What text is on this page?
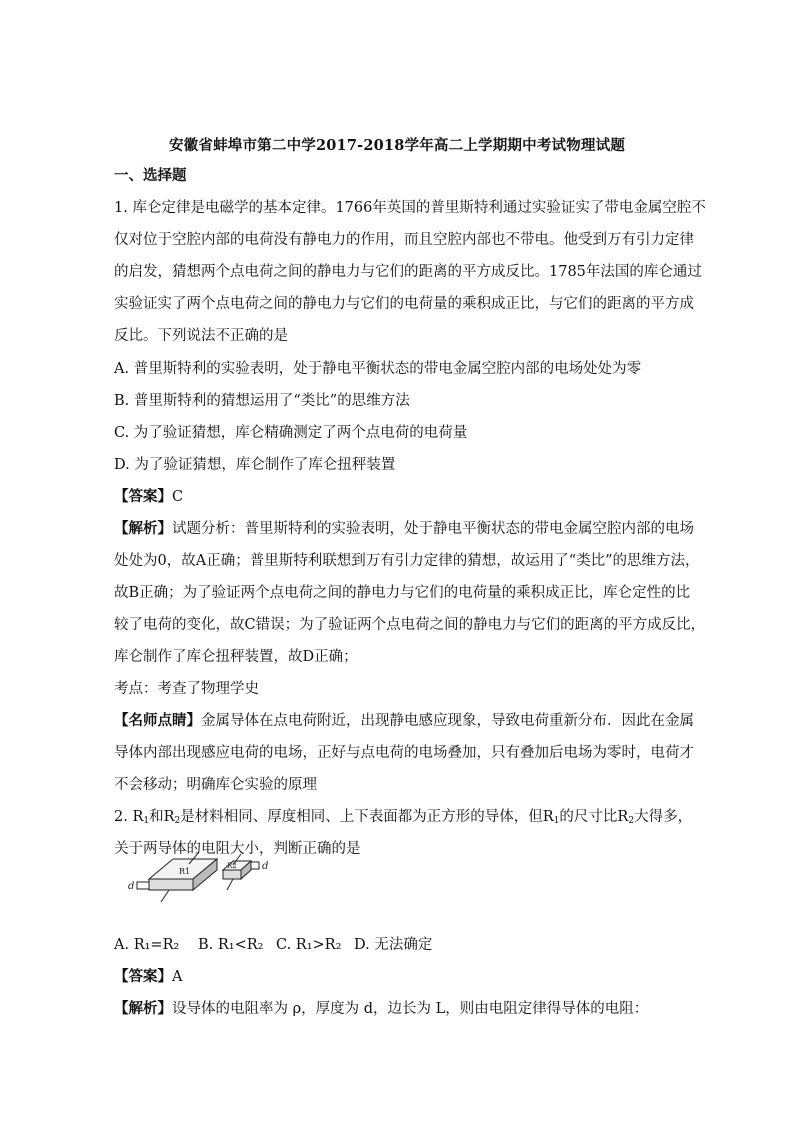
安徽省蚌埠市第二中学2017-2018学年高二上学期期中考试物理试题
一、选择题
1. 库仑定律是电磁学的基本定律。1766年英国的普里斯特利通过实验证实了带电金属空腔不
仅对位于空腔内部的电荷没有静电力的作用，而且空腔内部也不带电。他受到万有引力定律
的启发，猜想两个点电荷之间的静电力与它们的距离的平方成反比。1785年法国的库仑通过
实验证实了两个点电荷之间的静电力与它们的电荷量的乘积成正比，与它们的距离的平方成
反比。下列说法不正确的是
A. 普里斯特利的实验表明，处于静电平衡状态的带电金属空腔内部的电场处处为零
B. 普里斯特利的猜想运用了“类比”的思维方法
C. 为了验证猜想，库仑精确测定了两个点电荷的电荷量
D. 为了验证猜想，库仑制作了库仑扭秤装置
【答案】C
【解析】试题分析：普里斯特利的实验表明，处于静电平衡状态的带电金属空腔内部的电场
处处为0，故A正确；普里斯特利联想到万有引力定律的猜想，故运用了“类比”的思维方法，
故B正确；为了验证两个点电荷之间的静电力与它们的电荷量的乘积成正比，库仑定性的比
较了电荷的变化，故C错误；为了验证两个点电荷之间的静电力与它们的距离的平方成反比，
库仑制作了库仑扭秤装置，故D正确；
考点：考查了物理学史
【名师点睛】金属导体在点电荷附近，出现静电感应现象，导致电荷重新分布．因此在金属
导体内部出现感应电荷的电场，正好与点电荷的电场叠加，只有叠加后电场为零时，电荷才
不会移动；明确库仑实验的原理
2. $R_1$和$R_2$是材料相同、厚度相同、上下表面都为正方形的导体，但$R_1$的尺寸比$R_2$大得多，
关于两导体的电阻大小，判断正确的是
d
R1	d
R2
A. R₁=R₂ B. R₁<R₂ C. R₁>R₂ D. 无法确定
【答案】A
【解析】设导体的电阻率为 ρ，厚度为 d，边长为 L，则由电阻定律得导体的电阻：
